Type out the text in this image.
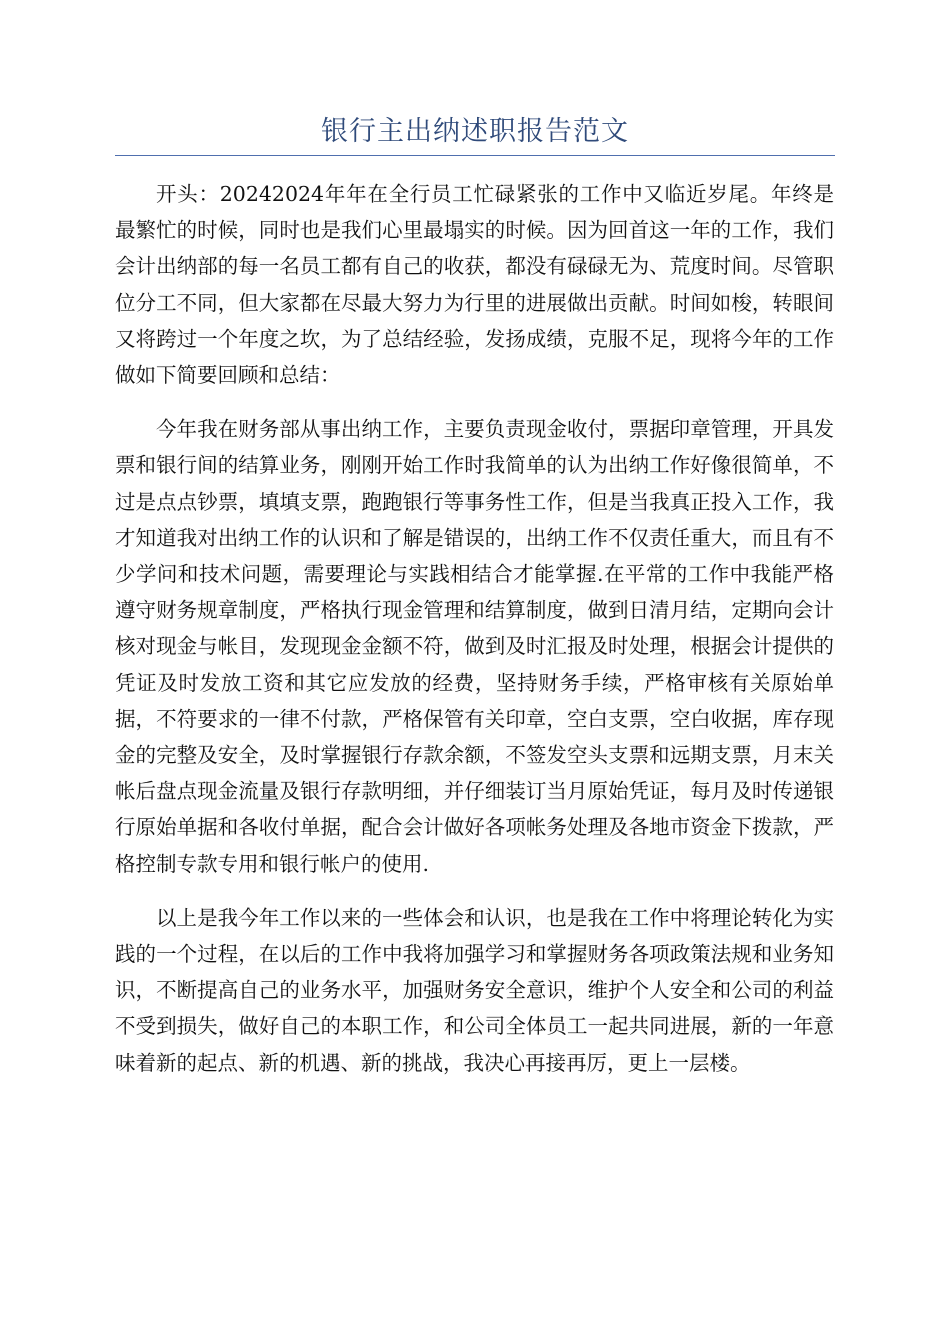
银行主出纳述职报告范文

开头：20242024年年在全行员工忙碌紧张的工作中又临近岁尾。年终是最繁忙的时候，同时也是我们心里最塌实的时候。因为回首这一年的工作，我们会计出纳部的每一名员工都有自己的收获，都没有碌碌无为、荒度时间。尽管职位分工不同，但大家都在尽最大努力为行里的进展做出贡献。时间如梭，转眼间又将跨过一个年度之坎，为了总结经验，发扬成绩，克服不足，现将今年的工作做如下简要回顾和总结：

今年我在财务部从事出纳工作，主要负责现金收付，票据印章管理，开具发票和银行间的结算业务，刚刚开始工作时我简单的认为出纳工作好像很简单，不过是点点钞票，填填支票，跑跑银行等事务性工作，但是当我真正投入工作，我才知道我对出纳工作的认识和了解是错误的，出纳工作不仅责任重大，而且有不少学问和技术问题，需要理论与实践相结合才能掌握.在平常的工作中我能严格遵守财务规章制度，严格执行现金管理和结算制度，做到日清月结，定期向会计核对现金与帐目，发现现金金额不符，做到及时汇报及时处理，根据会计提供的凭证及时发放工资和其它应发放的经费，坚持财务手续，严格审核有关原始单据，不符要求的一律不付款，严格保管有关印章，空白支票，空白收据，库存现金的完整及安全，及时掌握银行存款余额，不签发空头支票和远期支票，月末关帐后盘点现金流量及银行存款明细，并仔细装订当月原始凭证，每月及时传递银行原始单据和各收付单据，配合会计做好各项帐务处理及各地市资金下拨款，严格控制专款专用和银行帐户的使用.

以上是我今年工作以来的一些体会和认识，也是我在工作中将理论转化为实践的一个过程，在以后的工作中我将加强学习和掌握财务各项政策法规和业务知识，不断提高自己的业务水平，加强财务安全意识，维护个人安全和公司的利益不受到损失，做好自己的本职工作，和公司全体员工一起共同进展，新的一年意味着新的起点、新的机遇、新的挑战，我决心再接再厉，更上一层楼。
